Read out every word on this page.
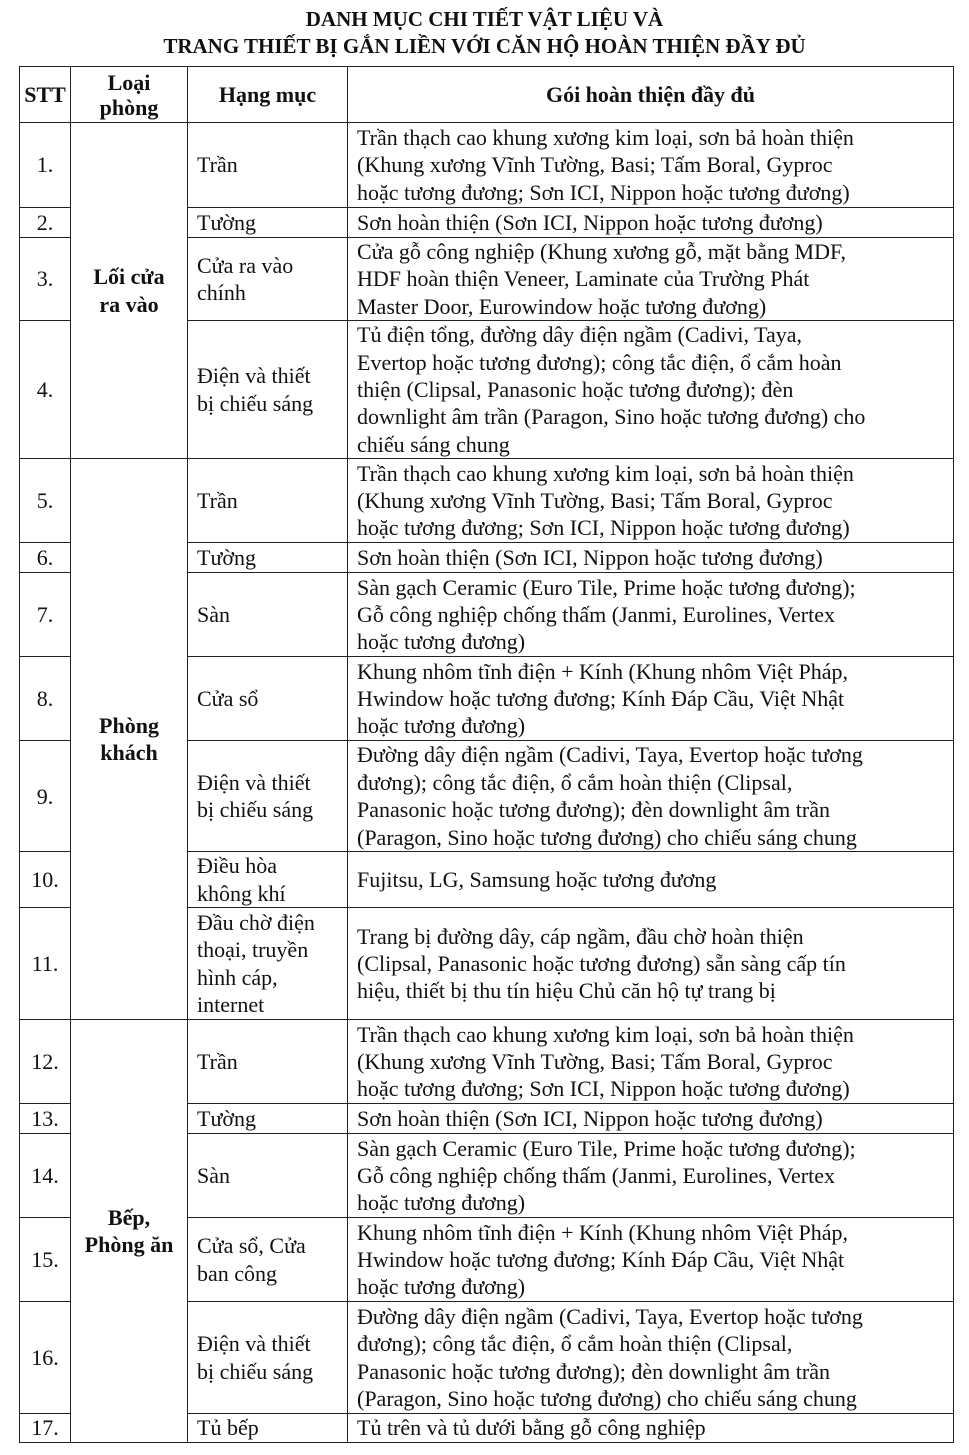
DANH MỤC CHI TIẾT VẬT LIỆU VÀ
TRANG THIẾT BỊ GẮN LIỀN VỚI CĂN HỘ HOÀN THIỆN ĐẦY ĐỦ
STT	Loại
phòng	Hạng mục	Gói hoàn thiện đầy đủ
1.	Lối cửa
ra vào	Trần	Trần thạch cao khung xương kim loại, sơn bả hoàn thiện
(Khung xương Vĩnh Tường, Basi; Tấm Boral, Gyproc
hoặc tương đương; Sơn ICI, Nippon hoặc tương đương)
2.		Tường	Sơn hoàn thiện (Sơn ICI, Nippon hoặc tương đương)
3.		Cửa ra vào
chính	Cửa gỗ công nghiệp (Khung xương gỗ, mặt bằng MDF,
HDF hoàn thiện Veneer, Laminate của Trường Phát
Master Door, Eurowindow hoặc tương đương)
4.		Điện và thiết
bị chiếu sáng	Tủ điện tổng, đường dây điện ngầm (Cadivi, Taya,
Evertop hoặc tương đương); công tắc điện, ổ cắm hoàn
thiện (Clipsal, Panasonic hoặc tương đương); đèn
downlight âm trần (Paragon, Sino hoặc tương đương) cho
chiếu sáng chung
5.	Phòng
khách	Trần	Trần thạch cao khung xương kim loại, sơn bả hoàn thiện
(Khung xương Vĩnh Tường, Basi; Tấm Boral, Gyproc
hoặc tương đương; Sơn ICI, Nippon hoặc tương đương)
6.		Tường	Sơn hoàn thiện (Sơn ICI, Nippon hoặc tương đương)
7.		Sàn	Sàn gạch Ceramic (Euro Tile, Prime hoặc tương đương);
Gỗ công nghiệp chống thấm (Janmi, Eurolines, Vertex
hoặc tương đương)
8.		Cửa sổ	Khung nhôm tĩnh điện + Kính (Khung nhôm Việt Pháp,
Hwindow hoặc tương đương; Kính Đáp Cầu, Việt Nhật
hoặc tương đương)
9.		Điện và thiết
bị chiếu sáng	Đường dây điện ngầm (Cadivi, Taya, Evertop hoặc tương
đương); công tắc điện, ổ cắm hoàn thiện (Clipsal,
Panasonic hoặc tương đương); đèn downlight âm trần
(Paragon, Sino hoặc tương đương) cho chiếu sáng chung
10.		Điều hòa
không khí	Fujitsu, LG, Samsung hoặc tương đương
11.		Đầu chờ điện
thoại, truyền
hình cáp,
internet	Trang bị đường dây, cáp ngầm, đầu chờ hoàn thiện
(Clipsal, Panasonic hoặc tương đương) sẵn sàng cấp tín
hiệu, thiết bị thu tín hiệu Chủ căn hộ tự trang bị
12.	Bếp,
Phòng ăn	Trần	Trần thạch cao khung xương kim loại, sơn bả hoàn thiện
(Khung xương Vĩnh Tường, Basi; Tấm Boral, Gyproc
hoặc tương đương; Sơn ICI, Nippon hoặc tương đương)
13.		Tường	Sơn hoàn thiện (Sơn ICI, Nippon hoặc tương đương)
14.		Sàn	Sàn gạch Ceramic (Euro Tile, Prime hoặc tương đương);
Gỗ công nghiệp chống thấm (Janmi, Eurolines, Vertex
hoặc tương đương)
15.		Cửa sổ, Cửa
ban công	Khung nhôm tĩnh điện + Kính (Khung nhôm Việt Pháp,
Hwindow hoặc tương đương; Kính Đáp Cầu, Việt Nhật
hoặc tương đương)
16.		Điện và thiết
bị chiếu sáng	Đường dây điện ngầm (Cadivi, Taya, Evertop hoặc tương
đương); công tắc điện, ổ cắm hoàn thiện (Clipsal,
Panasonic hoặc tương đương); đèn downlight âm trần
(Paragon, Sino hoặc tương đương) cho chiếu sáng chung
17.		Tủ bếp	Tủ trên và tủ dưới bằng gỗ công nghiệp
